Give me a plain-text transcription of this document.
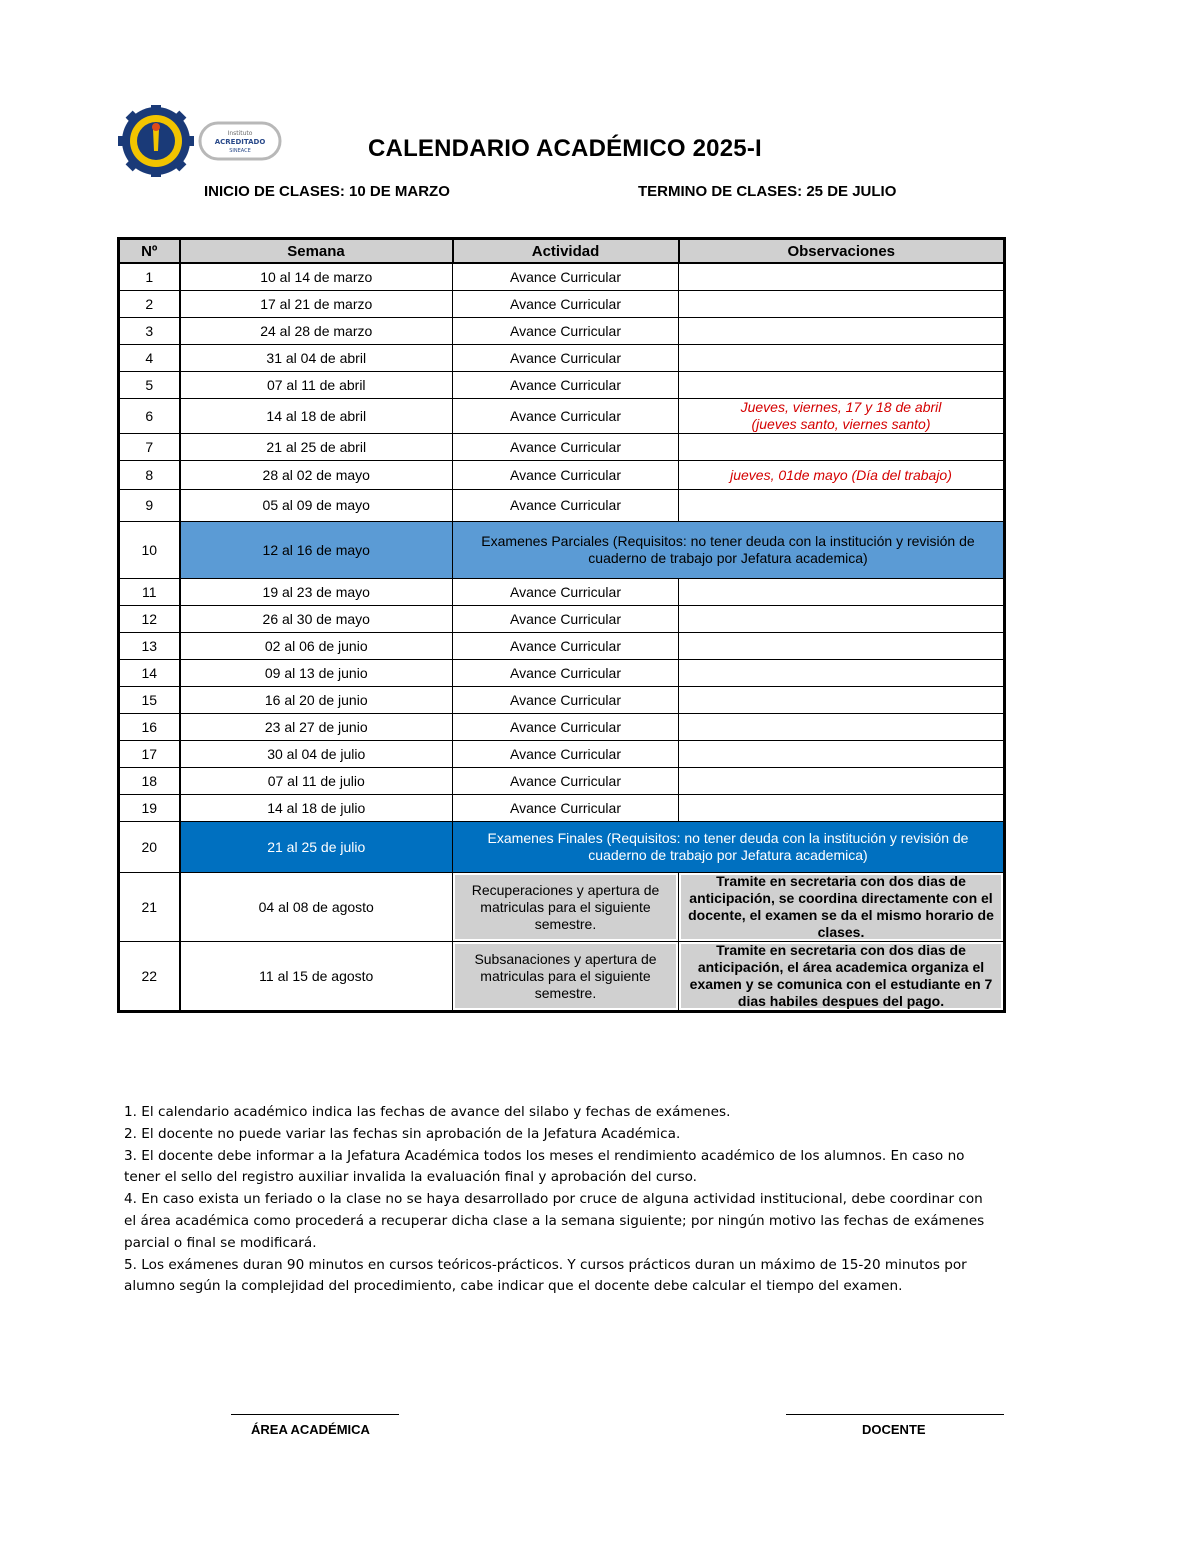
Instituto
ACREDITADO
SINEACE	CALENDARIO ACADÉMICO 2025-I
INICIO DE CLASES: 10 DE MARZO	TERMINO DE CLASES: 25 DE JULIO
Nº	Semana	Actividad	Observaciones
1	10 al 14 de marzo	Avance Curricular	
2	17 al 21 de marzo	Avance Curricular	
3	24 al 28 de marzo	Avance Curricular	
4	31 al 04 de abril	Avance Curricular	
5	07 al 11 de abril	Avance Curricular	
6	14 al 18 de abril	Avance Curricular	Jueves, viernes, 17 y 18 de abril
(jueves santo, viernes santo)

7	21 al 25 de abril	Avance Curricular	
8	28 al 02 de mayo	Avance Curricular	jueves, 01de mayo (Día del trabajo)

9	05 al 09 de mayo	Avance Curricular	
10	12 al 16 de mayo	Examenes Parciales (Requisitos: no tener deuda con la institución y revisión de cuaderno de trabajo por Jefatura academica)	
11	19 al 23 de mayo	Avance Curricular	
12	26 al 30 de mayo	Avance Curricular	
13	02 al 06 de junio	Avance Curricular	
14	09 al 13 de junio	Avance Curricular	
15	16 al 20 de junio	Avance Curricular	
16	23 al 27 de junio	Avance Curricular	
17	30 al 04 de julio	Avance Curricular	
18	07 al 11 de julio	Avance Curricular	
19	14 al 18 de julio	Avance Curricular	
20	21 al 25 de julio	Examenes Finales (Requisitos: no tener deuda con la institución y revisión de cuaderno de trabajo por Jefatura academica)	
21	04 al 08 de agosto	Recuperaciones y apertura de matriculas para el siguiente semestre.	Tramite en secretaria con dos dias de anticipación, se coordina directamente con el docente, el examen se da el mismo horario de clases.
22	11 al 15 de agosto	Subsanaciones y apertura de matriculas para el siguiente semestre.	Tramite en secretaria con dos dias de anticipación, el área academica organiza el examen y se comunica con el estudiante en 7 dias habiles despues del pago.

1. El calendario académico indica las fechas de avance del silabo y fechas de exámenes.

2. El docente no puede variar las fechas sin aprobación de la Jefatura Académica.

3. El docente debe informar a la Jefatura Académica todos los meses el rendimiento académico de los alumnos. En caso no tener el sello del registro auxiliar invalida la evaluación final y aprobación del curso.

4. En caso exista un feriado o la clase no se haya desarrollado por cruce de alguna actividad institucional, debe coordinar con el área académica como procederá a recuperar dicha clase a la semana siguiente; por ningún motivo las fechas de exámenes parcial o final se modificará.

5. Los exámenes duran 90 minutos en cursos teóricos-prácticos. Y cursos prácticos duran un máximo de 15-20 minutos por alumno según la complejidad del procedimiento, cabe indicar que el docente debe calcular el tiempo del examen.

ÁREA ACADÉMICA	DOCENTE
